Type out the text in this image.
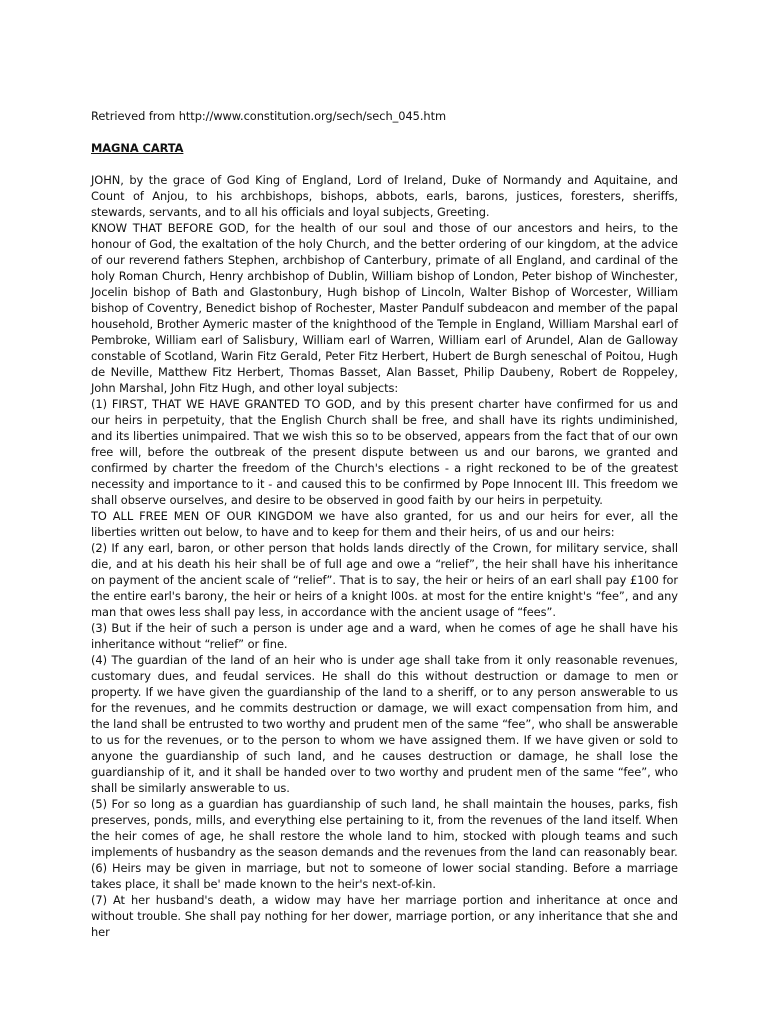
Retrieved from http://www.constitution.org/sech/sech_045.htm

MAGNA CARTA

JOHN, by the grace of God King of England, Lord of Ireland, Duke of Normandy and Aquitaine, and Count of Anjou, to his archbishops, bishops, abbots, earls, barons, justices, foresters, sheriffs, stewards, servants, and to all his officials and loyal subjects, Greeting.

KNOW THAT BEFORE GOD, for the health of our soul and those of our ancestors and heirs, to the honour of God, the exaltation of the holy Church, and the better ordering of our kingdom, at the advice of our reverend fathers Stephen, archbishop of Canterbury, primate of all England, and cardinal of the holy Roman Church, Henry archbishop of Dublin, William bishop of London, Peter bishop of Winchester, Jocelin bishop of Bath and Glastonbury, Hugh bishop of Lincoln, Walter Bishop of Worcester, William bishop of Coventry, Benedict bishop of Rochester, Master Pandulf subdeacon and member of the papal household, Brother Aymeric master of the knighthood of the Temple in England, William Marshal earl of Pembroke, William earl of Salisbury, William earl of Warren, William earl of Arundel, Alan de Galloway constable of Scotland, Warin Fitz Gerald, Peter Fitz Herbert, Hubert de Burgh seneschal of Poitou, Hugh de Neville, Matthew Fitz Herbert, Thomas Basset, Alan Basset, Philip Daubeny, Robert de Roppeley, John Marshal, John Fitz Hugh, and other loyal subjects:

(1) FIRST, THAT WE HAVE GRANTED TO GOD, and by this present charter have confirmed for us and our heirs in perpetuity, that the English Church shall be free, and shall have its rights undiminished, and its liberties unimpaired. That we wish this so to be observed, appears from the fact that of our own free will, before the outbreak of the present dispute between us and our barons, we granted and confirmed by charter the freedom of the Church's elections - a right reckoned to be of the greatest necessity and importance to it - and caused this to be confirmed by Pope Innocent III. This freedom we shall observe ourselves, and desire to be observed in good faith by our heirs in perpetuity.

TO ALL FREE MEN OF OUR KINGDOM we have also granted, for us and our heirs for ever, all the liberties written out below, to have and to keep for them and their heirs, of us and our heirs:

(2) If any earl, baron, or other person that holds lands directly of the Crown, for military service, shall die, and at his death his heir shall be of full age and owe a “relief”, the heir shall have his inheritance on payment of the ancient scale of “relief”. That is to say, the heir or heirs of an earl shall pay £100 for the entire earl's barony, the heir or heirs of a knight l00s. at most for the entire knight's “fee”, and any man that owes less shall pay less, in accordance with the ancient usage of “fees”.

(3) But if the heir of such a person is under age and a ward, when he comes of age he shall have his inheritance without “relief” or fine.

(4) The guardian of the land of an heir who is under age shall take from it only reasonable revenues, customary dues, and feudal services. He shall do this without destruction or damage to men or property. If we have given the guardianship of the land to a sheriff, or to any person answerable to us for the revenues, and he commits destruction or damage, we will exact compensation from him, and the land shall be entrusted to two worthy and prudent men of the same “fee”, who shall be answerable to us for the revenues, or to the person to whom we have assigned them. If we have given or sold to anyone the guardianship of such land, and he causes destruction or damage, he shall lose the guardianship of it, and it shall be handed over to two worthy and prudent men of the same “fee”, who shall be similarly answerable to us.

(5) For so long as a guardian has guardianship of such land, he shall maintain the houses, parks, fish preserves, ponds, mills, and everything else pertaining to it, from the revenues of the land itself. When the heir comes of age, he shall restore the whole land to him, stocked with plough teams and such implements of husbandry as the season demands and the revenues from the land can reasonably bear.

(6) Heirs may be given in marriage, but not to someone of lower social standing. Before a marriage takes place, it shall be' made known to the heir's next-of-kin.

(7) At her husband's death, a widow may have her marriage portion and inheritance at once and without trouble. She shall pay nothing for her dower, marriage portion, or any inheritance that she and her
